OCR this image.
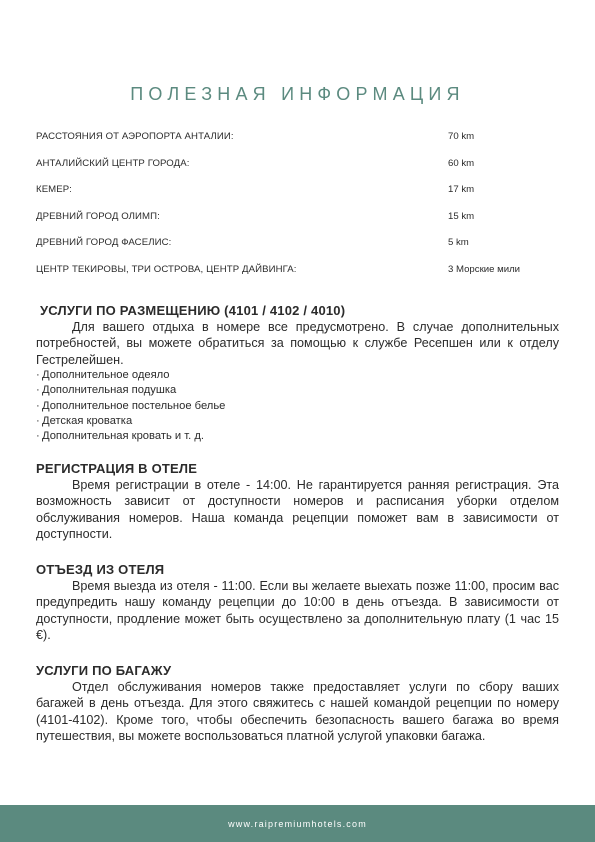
ПОЛЕЗНАЯ ИНФОРМАЦИЯ
РАССТОЯНИЯ ОТ АЭРОПОРТА АНТАЛИИ:	70 km
АНТАЛИЙСКИЙ ЦЕНТР ГОРОДА:	60 km
КЕМЕР:	17 km
ДРЕВНИЙ ГОРОД ОЛИМП:	15 km
ДРЕВНИЙ ГОРОД ФАСЕЛИС:	5 km
ЦЕНТР ТЕКИРОВЫ, ТРИ ОСТРОВА, ЦЕНТР ДАЙВИНГА:	3 Морские мили
УСЛУГИ ПО РАЗМЕЩЕНИЮ (4101 / 4102 / 4010)

Для вашего отдыха в номере все предусмотрено. В случае дополнительных потребностей, вы можете обратиться за помощью к службе Ресепшен или к отделу Гестрелейшен.

· Дополнительное одеяло
· Дополнительная подушка
· Дополнительное постельное белье
· Детская кроватка
· Дополнительная кровать и т. д.
РЕГИСТРАЦИЯ В ОТЕЛЕ

Время регистрации в отеле - 14:00. Не гарантируется ранняя регистрация. Эта возможность зависит от доступности номеров и расписания уборки отделом обслуживания номеров. Наша команда рецепции поможет вам в зависимости от доступности.

ОТЪЕЗД ИЗ ОТЕЛЯ

Время выезда из отеля - 11:00. Если вы желаете выехать позже 11:00, просим вас предупредить нашу команду рецепции до 10:00 в день отъезда. В зависимости от доступности, продление может быть осуществлено за дополнительную плату (1 час 15 €).

УСЛУГИ ПО БАГАЖУ

Отдел обслуживания номеров также предоставляет услуги по сбору ваших багажей в день отъезда. Для этого свяжитесь с нашей командой рецепции по номеру (4101-4102). Кроме того, чтобы обеспечить безопасность вашего багажа во время путешествия, вы можете воспользоваться платной услугой упаковки багажа.

www.raipremiumhotels.com
